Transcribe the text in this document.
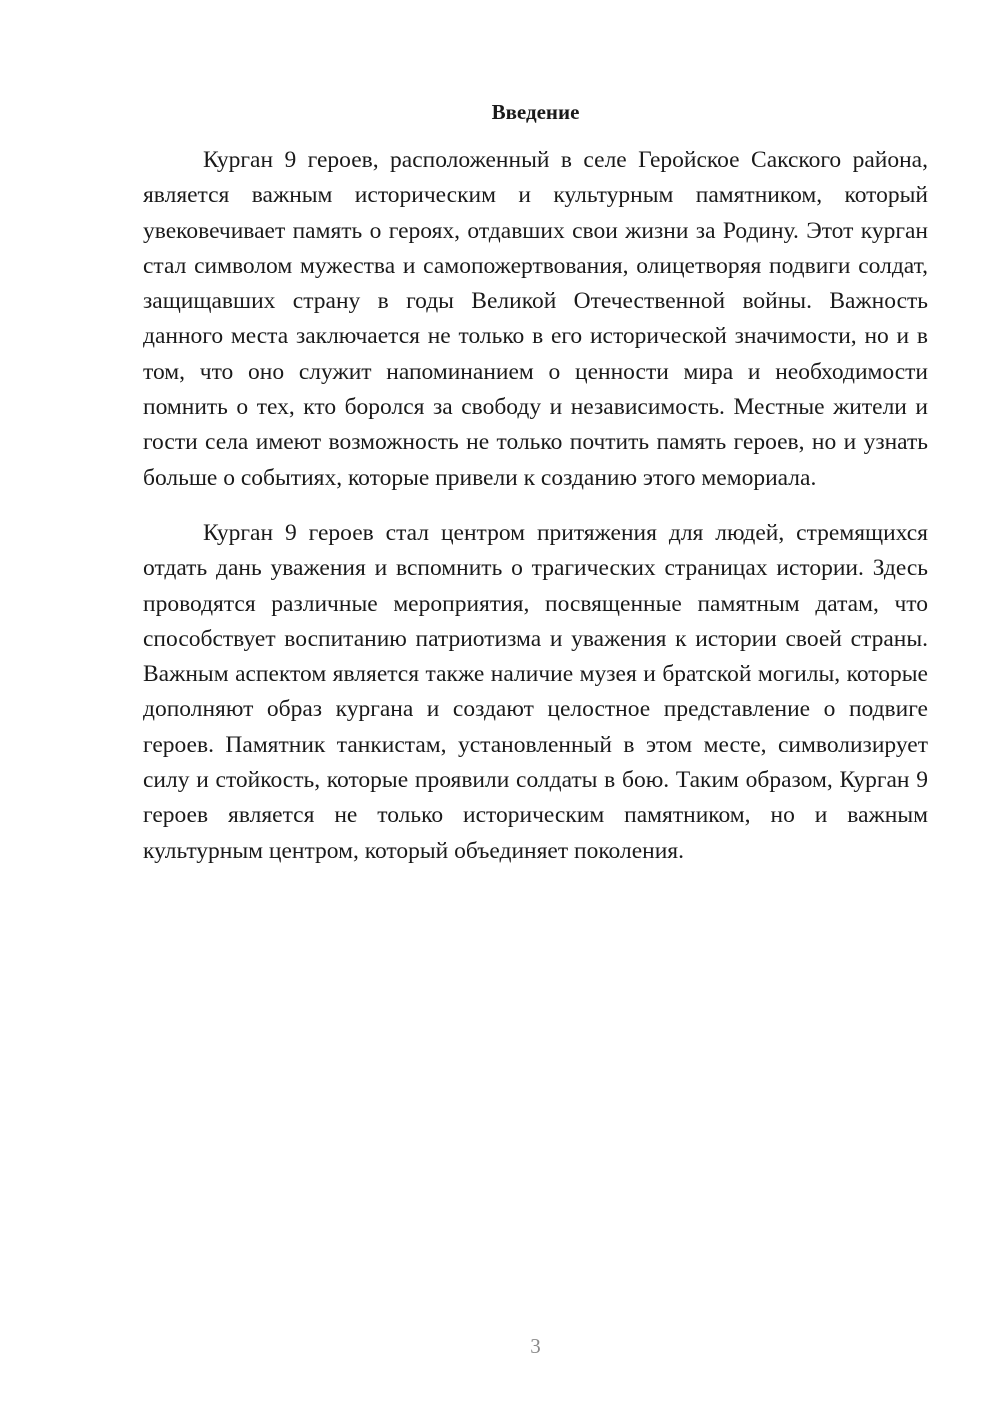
Введение

Курган 9 героев, расположенный в селе Геройское Сакского района, является важным историческим и культурным памятником, который увековечивает память о героях, отдавших свои жизни за Родину. Этот курган стал символом мужества и самопожертвования, олицетворяя подвиги солдат, защищавших страну в годы Великой Отечественной войны. Важность данного места заключается не только в его исторической значимости, но и в том, что оно служит напоминанием о ценности мира и необходимости помнить о тех, кто боролся за свободу и независимость. Местные жители и гости села имеют возможность не только почтить память героев, но и узнать больше о событиях, которые привели к созданию этого мемориала.

Курган 9 героев стал центром притяжения для людей, стремящихся отдать дань уважения и вспомнить о трагических страницах истории. Здесь проводятся различные мероприятия, посвященные памятным датам, что способствует воспитанию патриотизма и уважения к истории своей страны. Важным аспектом является также наличие музея и братской могилы, которые дополняют образ кургана и создают целостное представление о подвиге героев. Памятник танкистам, установленный в этом месте, символизирует силу и стойкость, которые проявили солдаты в бою. Таким образом, Курган 9 героев является не только историческим памятником, но и важным культурным центром, который объединяет поколения.

3
